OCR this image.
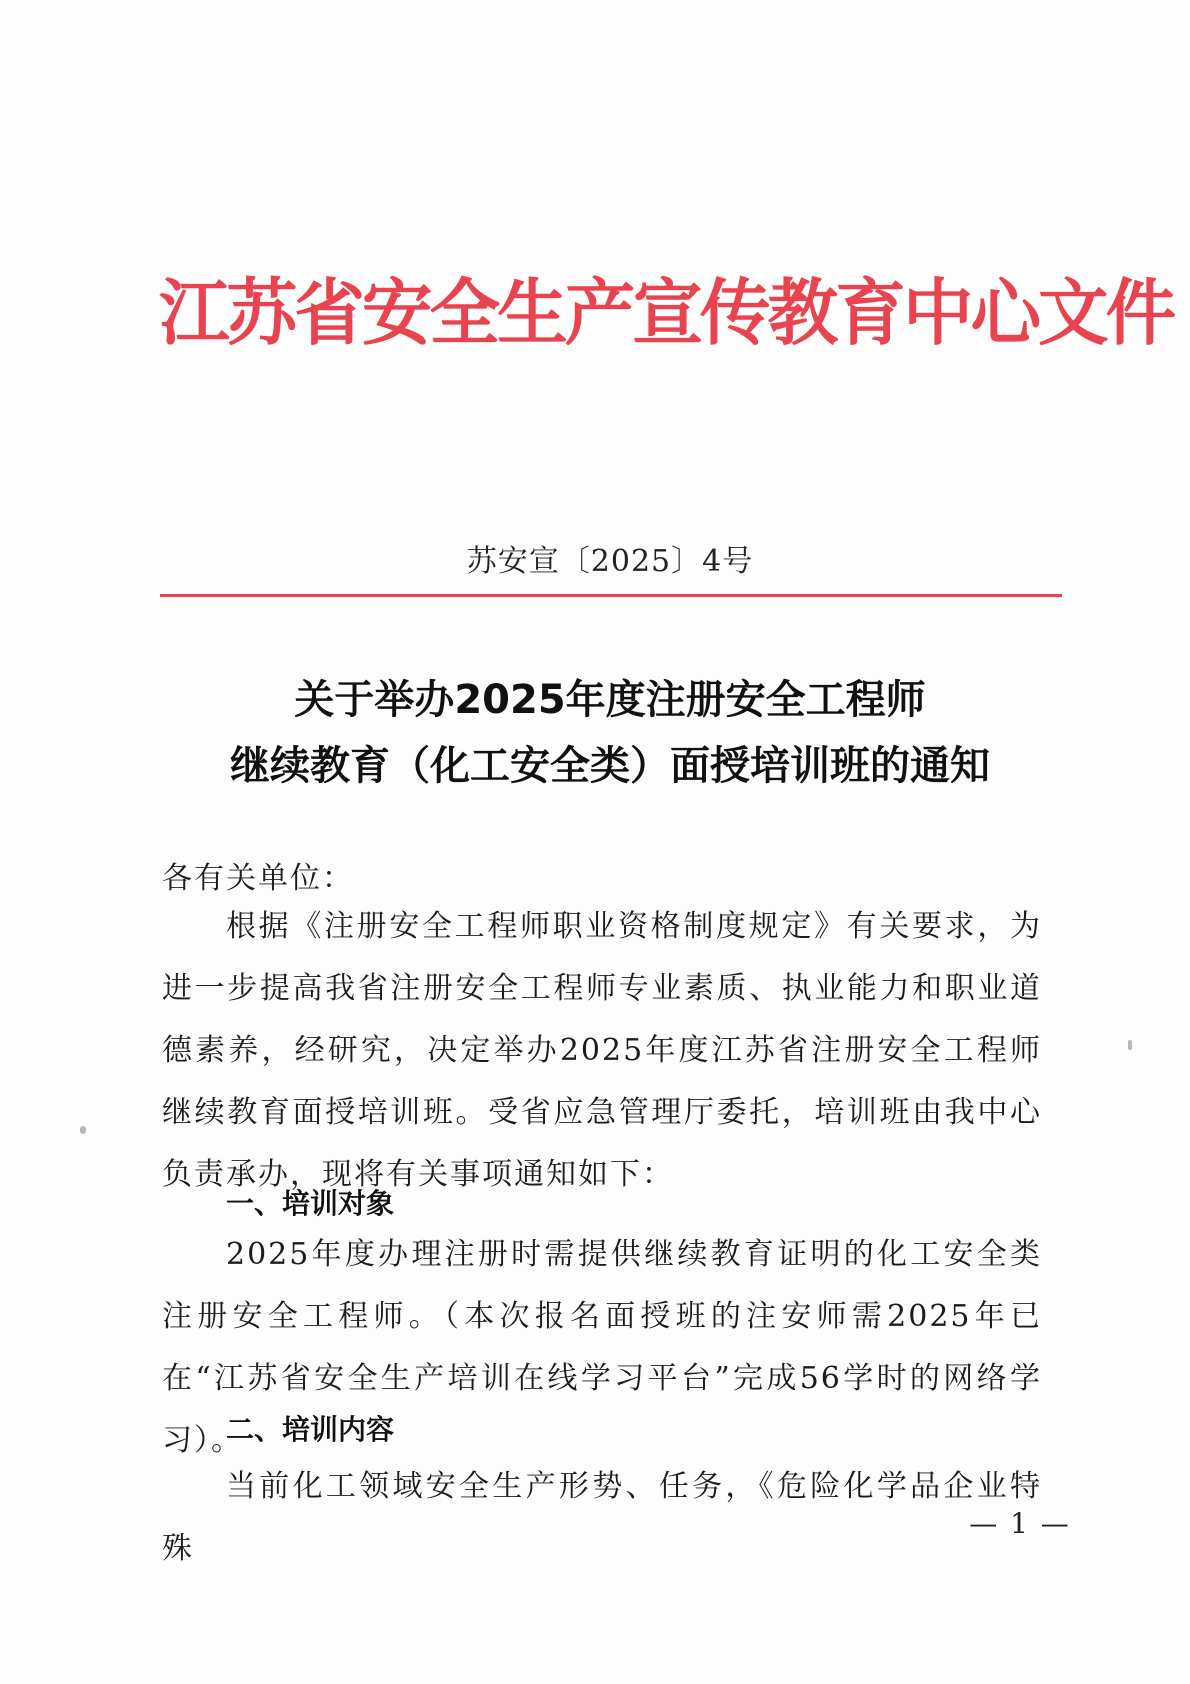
江苏省安全生产宣传教育中心文件
苏安宣〔2025〕4号
关于举办2025年度注册安全工程师
继续教育（化工安全类）面授培训班的通知
各有关单位：
根据《注册安全工程师职业资格制度规定》有关要求，为进一步提高我省注册安全工程师专业素质、执业能力和职业道德素养，经研究，决定举办2025年度江苏省注册安全工程师继续教育面授培训班。受省应急管理厅委托，培训班由我中心负责承办，现将有关事项通知如下：
一、培训对象
2025年度办理注册时需提供继续教育证明的化工安全类注册安全工程师。（本次报名面授班的注安师需2025年已在“江苏省安全生产培训在线学习平台”完成56学时的网络学习）。
二、培训内容
当前化工领域安全生产形势、任务，《危险化学品企业特殊
— 1 —
